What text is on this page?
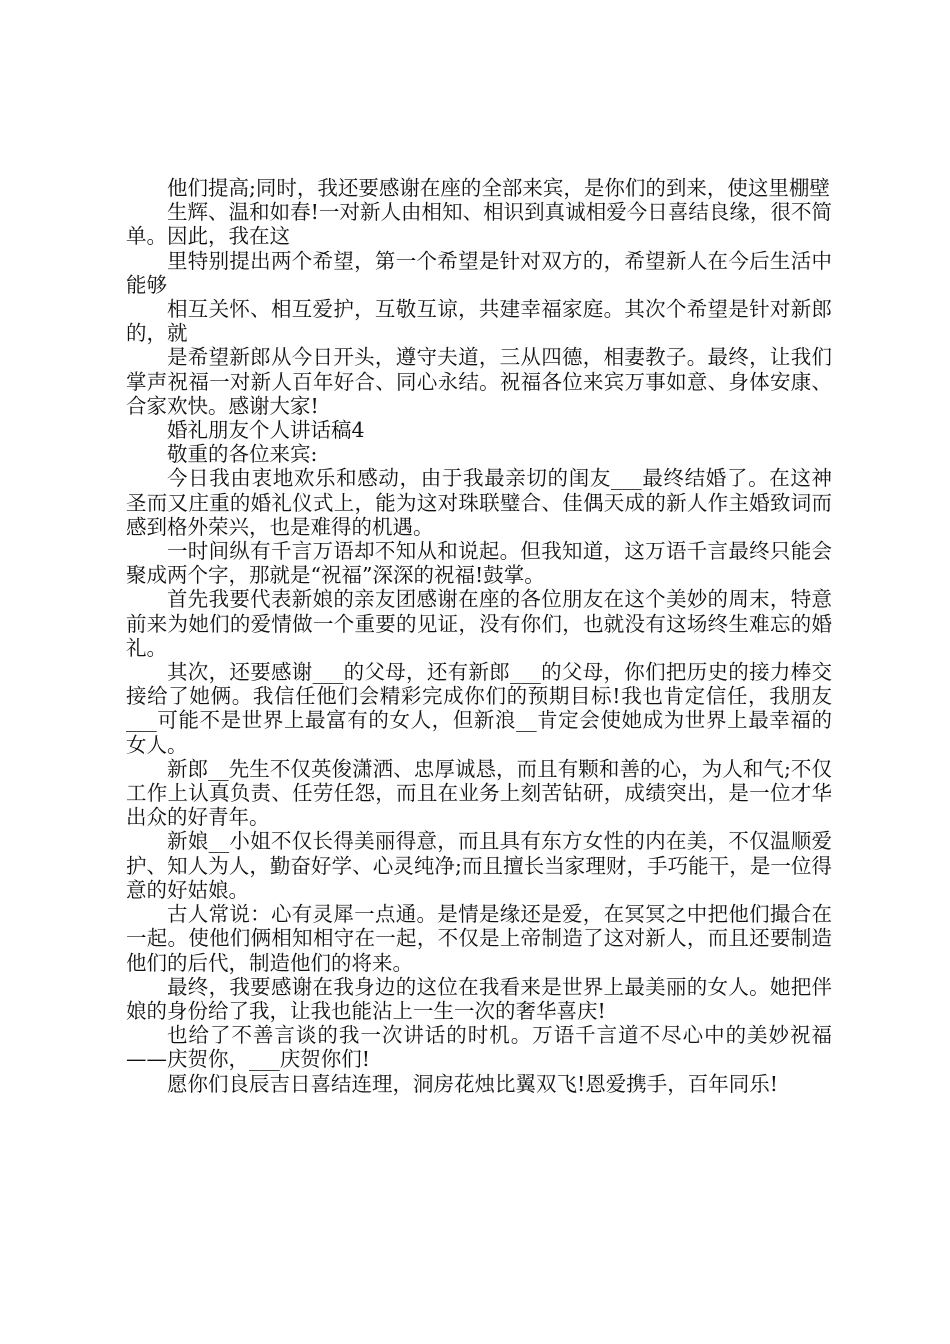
他们提高;同时，我还要感谢在座的全部来宾，是你们的到来，使这里棚壁

生辉、温和如春!一对新人由相知、相识到真诚相爱今日喜结良缘，很不简单。因此，我在这

里特别提出两个希望，第一个希望是针对双方的，希望新人在今后生活中能够

相互关怀、相互爱护，互敬互谅，共建幸福家庭。其次个希望是针对新郎的，就

是希望新郎从今日开头，遵守夫道，三从四德，相妻教子。最终，让我们掌声祝福一对新人百年好合、同心永结。祝福各位来宾万事如意、身体安康、合家欢快。感谢大家!

婚礼朋友个人讲话稿4

敬重的各位来宾:

今日我由衷地欢乐和感动，由于我最亲切的闺友___最终结婚了。在这神圣而又庄重的婚礼仪式上，能为这对珠联璧合、佳偶天成的新人作主婚致词而感到格外荣兴，也是难得的机遇。

一时间纵有千言万语却不知从和说起。但我知道，这万语千言最终只能会聚成两个字，那就是“祝福”深深的祝福!鼓掌。

首先我要代表新娘的亲友团感谢在座的各位朋友在这个美妙的周末，特意前来为她们的爱情做一个重要的见证，没有你们，也就没有这场终生难忘的婚礼。

其次，还要感谢___的父母，还有新郎___的父母，你们把历史的接力棒交接给了她俩。我信任他们会精彩完成你们的预期目标!我也肯定信任，我朋友___可能不是世界上最富有的女人，但新浪__肯定会使她成为世界上最幸福的女人。

新郎__先生不仅英俊潇洒、忠厚诚恳，而且有颗和善的心，为人和气;不仅工作上认真负责、任劳任怨，而且在业务上刻苦钻研，成绩突出，是一位才华出众的好青年。

新娘__小姐不仅长得美丽得意，而且具有东方女性的内在美，不仅温顺爱护、知人为人，勤奋好学、心灵纯净;而且擅长当家理财，手巧能干，是一位得意的好姑娘。

古人常说：心有灵犀一点通。是情是缘还是爱，在冥冥之中把他们撮合在一起。使他们俩相知相守在一起，不仅是上帝制造了这对新人，而且还要制造他们的后代，制造他们的将来。

最终，我要感谢在我身边的这位在我看来是世界上最美丽的女人。她把伴娘的身份给了我，让我也能沾上一生一次的奢华喜庆!

也给了不善言谈的我一次讲话的时机。万语千言道不尽心中的美妙祝福——庆贺你，___庆贺你们!

愿你们良辰吉日喜结连理，洞房花烛比翼双飞!恩爱携手，百年同乐!
